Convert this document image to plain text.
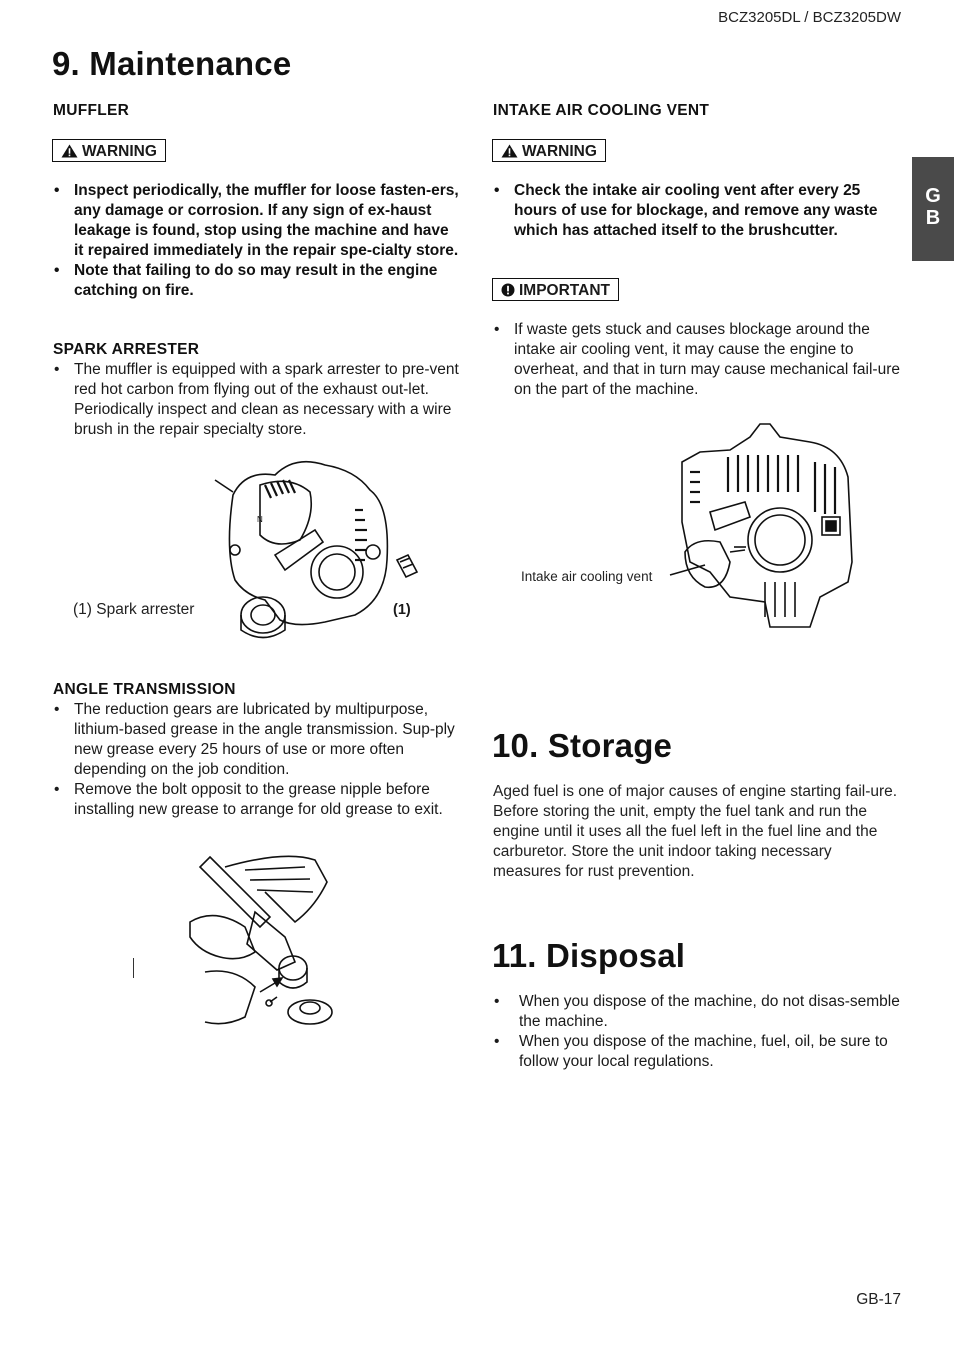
BCZ3205DL / BCZ3205DW
G
B
9. Maintenance
MUFFLER
WARNING
• Inspect periodically, the muffler for loose fasten-ers, any damage or corrosion. If any sign of ex-haust leakage is found, stop using the machine and have it repaired immediately in the repair spe-cialty store.
• Note that failing to do so may result in the engine catching on fire.
SPARK ARRESTER
• The muffler is equipped with a spark arrester to pre-vent red hot carbon from flying out of the exhaust out-let. Periodically inspect and clean as necessary with a wire brush in the repair specialty store.
N
(1) Spark arrester	(1)
ANGLE TRANSMISSION
• The reduction gears are lubricated by multipurpose, lithium-based grease in the angle transmission. Sup-ply new grease every 25 hours of use or more often depending on the job condition.
• Remove the bolt opposit to the grease nipple before installing new grease to arrange for old grease to exit.
INTAKE AIR COOLING VENT
WARNING
• Check the intake air cooling vent after every 25 hours of use for blockage, and remove any waste which has attached itself to the brushcutter.
IMPORTANT
• If waste gets stuck and causes blockage around the intake air cooling vent, it may cause the engine to overheat, and that in turn may cause mechanical fail-ure on the part of the machine.
Intake air cooling vent
10. Storage
Aged fuel is one of major causes of engine starting fail-ure. Before storing the unit, empty the fuel tank and run the engine until it uses all the fuel left in the fuel line and the carburetor. Store the unit indoor taking necessary measures for rust prevention.
11. Disposal
• When you dispose of the machine, do not disas-semble the machine.
• When you dispose of the machine, fuel, oil, be sure to follow your local regulations.
GB-17
